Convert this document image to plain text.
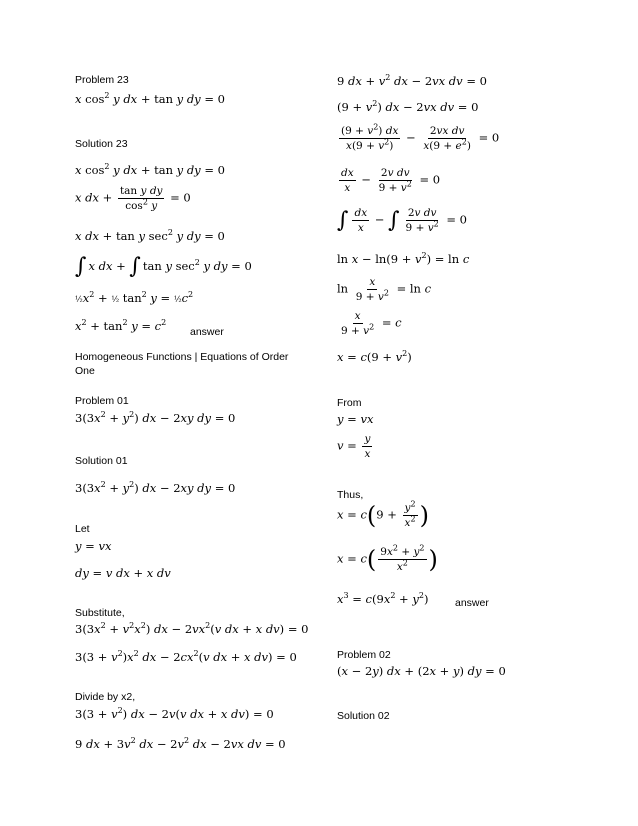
Problem 23
x $\cos^2 y$ dx + tan y dy = 0
Solution 23
x $\cos^2 y$ dx + tan y dy = 0
x dx + $\frac{\text{tan y dy}}{\cos^2 y} = 0$
x dx + tan y $\sec^2 y$ dy = 0
∫ x dx + ∫ tan y $\sec^2 y$ dy = 0
$\frac{1}{2}x^2$ + ½ $\tan^2 y$ = $\frac{1}{2}c^2$
$x^2 + \tan^2 y = c^2$
answer
Homogeneous Functions | Equations of Order One
Problem 01
$3(3x^2 + y^2)$ dx − 2xy dy = 0
Solution 01
$3(3x^2 + y^2)$ dx − 2xy dy = 0
Let
y = vx
dy = v dx + x dv
Substitute,
$3(3x^2 + v^2x^2)$ dx − $2vx^2(v$ dx + x dv) = 0
$3(3 + v^2)x^2$ dx − $2cx^2(v$ dx + x dv) = 0
Divide by x2,
$3(3 + v^2)$ dx − 2v(v dx + x dv) = 0
9 dx + $3v^2$ dx − $2v^2$ dx − 2vx dv = 0
9 dx + $v^2$ dx − 2vx dv = 0
$(9 + v^2)$ dx − 2vx dv = 0
$\frac{(9 + v^2) dx}{x(9 + v^2)} - \frac{\text{2vx dv}}{x(9 + e^2)} = 0$
$\frac{dx}{x} - \frac{\text{2v dv}}{9 + v^2} = 0$
∫ $\frac{dx}{x}$ − ∫ $\frac{\text{2v dv}}{9 + v^2} = 0$
$\ln x - \ln(9 + v^2) = \ln c$
$\ln \frac{x}{9 + v^2} = \ln c$
$\frac{x}{9 + v^2} = c$
$x = c(9 + v^2)$
From
y = vx
$v = \frac{y}{x}$
Thus,
$x = c(9 + \frac{y^2}{x^2}$ )
$x = c( \frac{9x^2 + y^2}{x^2}$ )
$x^3 = c(9x^2 + y^2)$	answer
Problem 02
(x − 2y) dx + (2x + y) dy = 0
Solution 02
